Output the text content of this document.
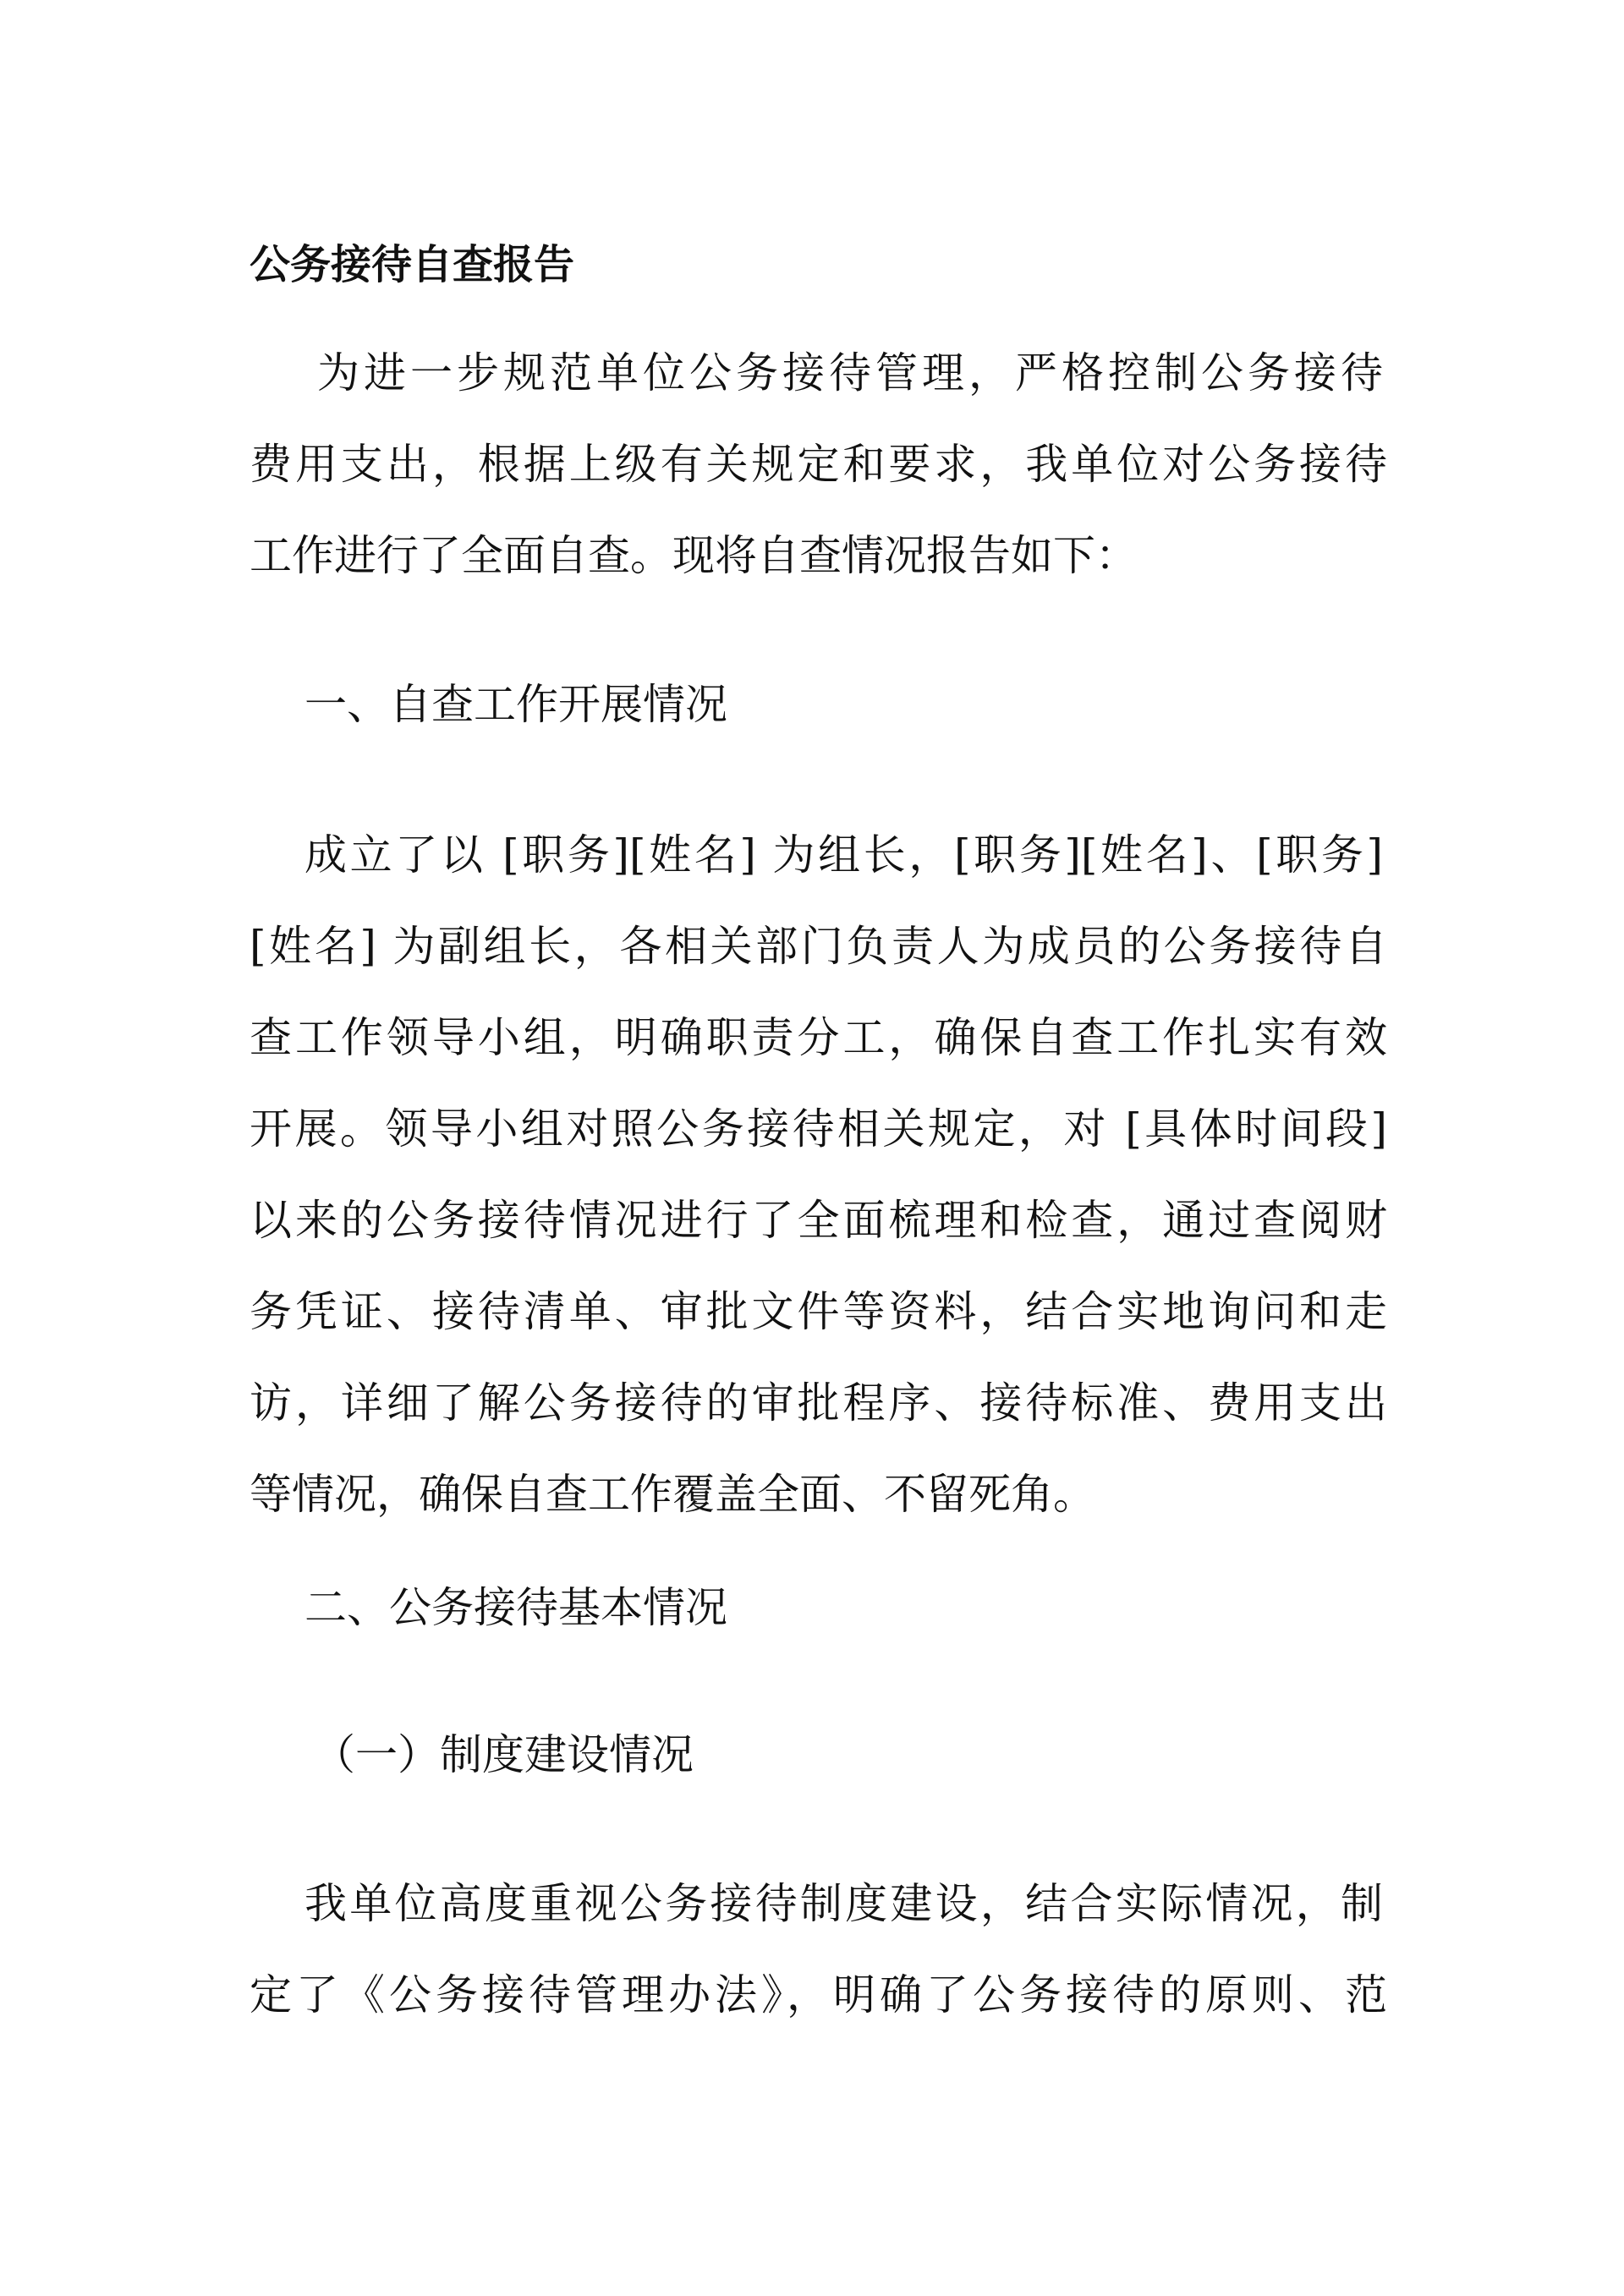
公务接待自查报告

为进一步规范单位公务接待管理，严格控制公务接待

费用支出，根据上级有关规定和要求，我单位对公务接待

工作进行了全面自查。现将自查情况报告如下：

一、自查工作开展情况

成立了以 [职务][姓名] 为组长，[职务][姓名]、[职务]

[姓名] 为副组长，各相关部门负责人为成员的公务接待自

查工作领导小组，明确职责分工，确保自查工作扎实有效

开展。领导小组对照公务接待相关规定，对 [具体时间段]

以来的公务接待情况进行了全面梳理和检查，通过查阅财

务凭证、接待清单、审批文件等资料，结合实地询问和走

访，详细了解公务接待的审批程序、接待标准、费用支出

等情况，确保自查工作覆盖全面、不留死角。

二、公务接待基本情况

（一）制度建设情况

我单位高度重视公务接待制度建设，结合实际情况，制

定了《公务接待管理办法》，明确了公务接待的原则、范
